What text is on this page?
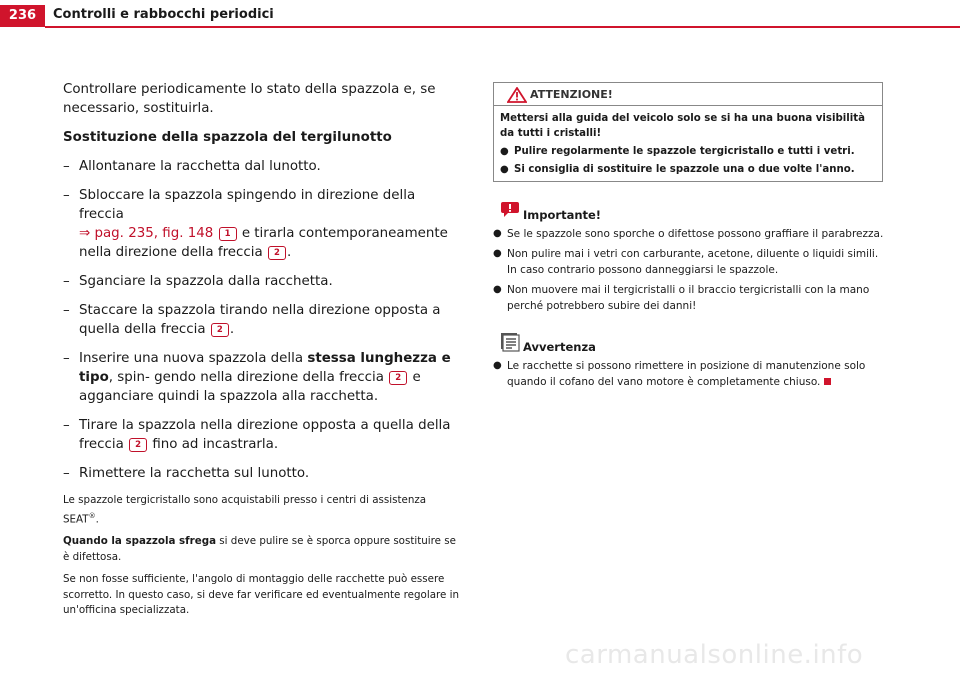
236	Controlli e rabbocchi periodici

Controllare periodicamente lo stato della spazzola e, se necessario, sostituirla.

Sostituzione della spazzola del tergilunotto

– Allontanare la racchetta dal lunotto.
– Sbloccare la spazzola spingendo in direzione della freccia
⇒ pag. 235, fig. 148 1 e tirarla contemporaneamente nella direzione della freccia 2 .
– Sganciare la spazzola dalla racchetta.
– Staccare la spazzola tirando nella direzione opposta a quella della freccia 2 .
– Inserire una nuova spazzola della stessa lunghezza e tipo, spin- gendo nella direzione della freccia 2 e agganciare quindi la spazzola alla racchetta.
– Tirare la spazzola nella direzione opposta a quella della freccia 2 fino ad incastrarla.
– Rimettere la racchetta sul lunotto.

Le spazzole tergicristallo sono acquistabili presso i centri di assistenza SEAT®.

Quando la spazzola sfrega si deve pulire se è sporca oppure sostituire se è difettosa.

Se non fosse sufficiente, l'angolo di montaggio delle racchette può essere scorretto. In questo caso, si deve far verificare ed eventualmente regolare in un'officina specializzata.

ATTENZIONE!

Mettersi alla guida del veicolo solo se si ha una buona visibilità da tutti i cristalli!

● Pulire regolarmente le spazzole tergicristallo e tutti i vetri.
● Si consiglia di sostituire le spazzole una o due volte l'anno.
Importante!
● Se le spazzole sono sporche o difettose possono graffiare il parabrezza.
● Non pulire mai i vetri con carburante, acetone, diluente o liquidi simili. In caso contrario possono danneggiarsi le spazzole.
● Non muovere mai il tergicristalli o il braccio tergicristalli con la mano perché potrebbero subire dei danni!
Avvertenza
● Le racchette si possono rimettere in posizione di manutenzione solo quando il cofano del vano motore è completamente chiuso.
carmanualsonline.info
